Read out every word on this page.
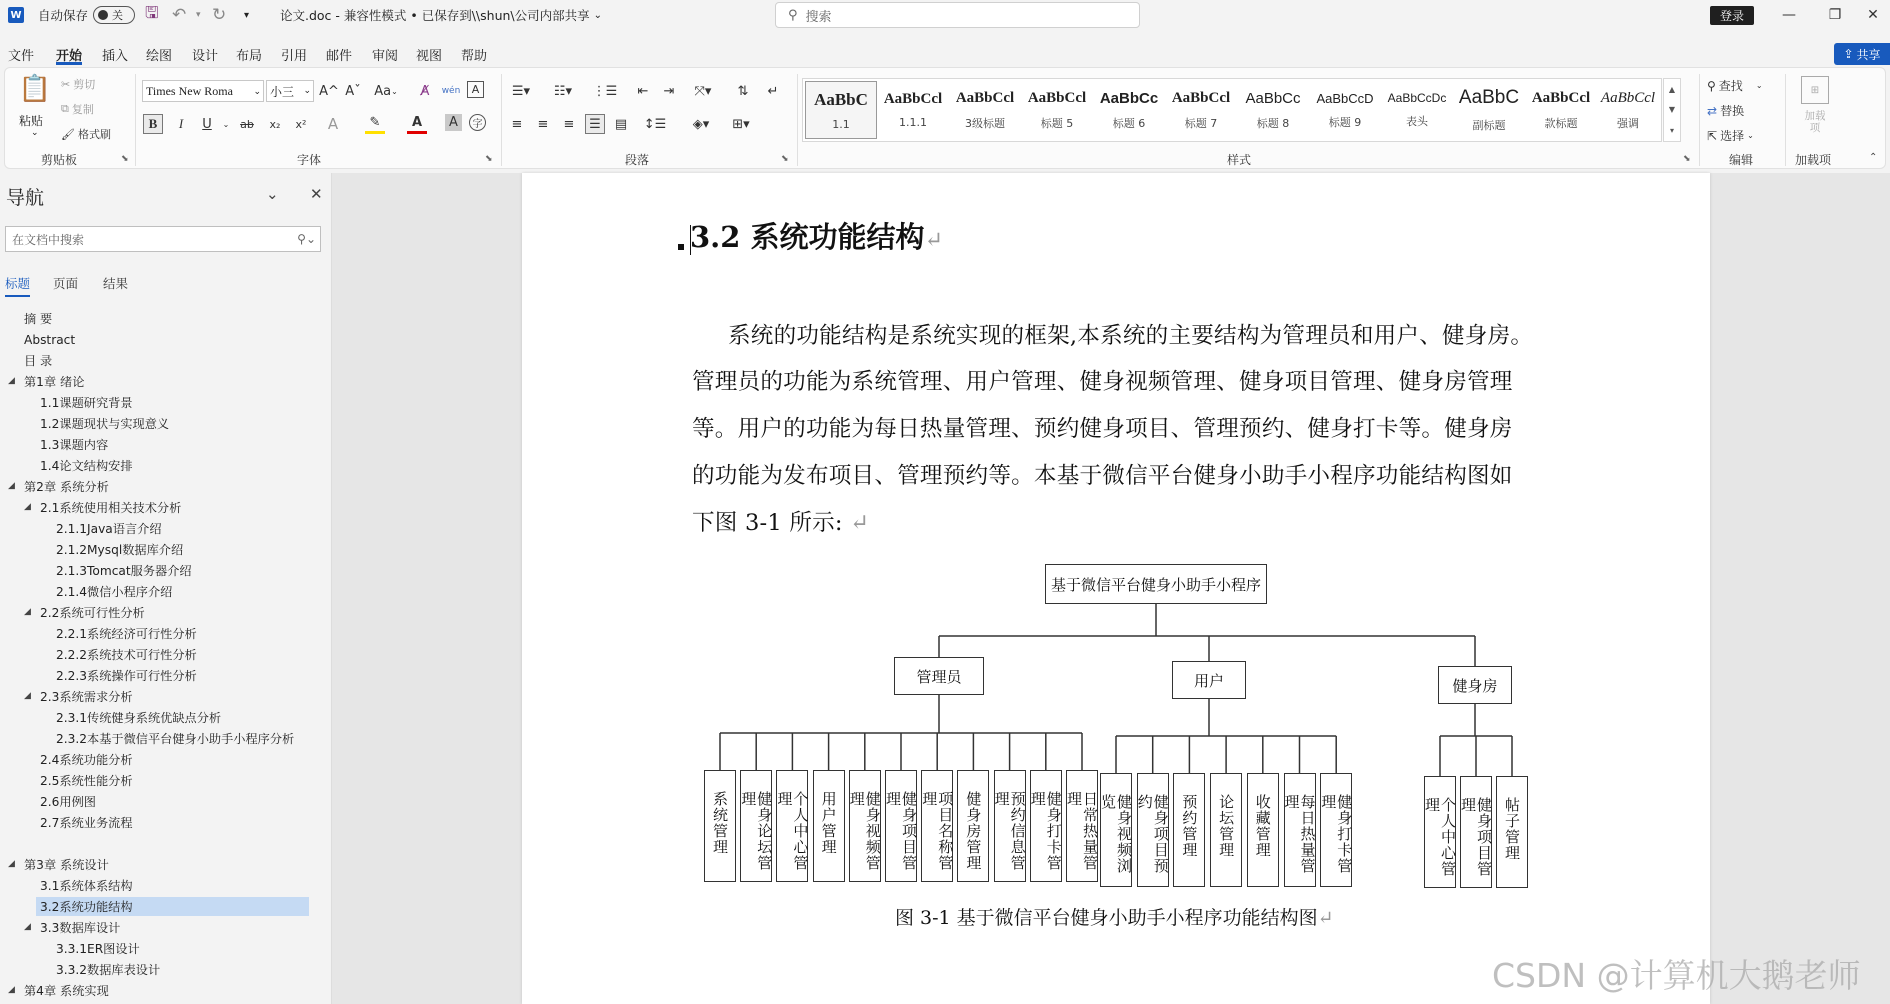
W 自动保存 关 🖫 ↶ ▾ ↻ ▾ 论文.doc - 兼容性模式 • 已保存到\\shun\公司内部共享 ⌄	⚲ 搜索	登录	—	❐	✕
文件 开始 插入 绘图 设计 布局 引用 邮件 审阅 视图 帮助	⇪ 共享
📋
粘贴
⌄
✂ 剪切
⧉ 复制
🖌 格式刷
剪贴板	⬊
Times New Roma ⌄ 小三 ⌄ A^ Aˇ Aa ⌄	A̸	wén	A
B	I	U	⌄ ab	x₂	x²	A	✎	A	A	字
字体	⬊
☰▾	☷▾	⋮☰	⇤	⇥	⤧▾	⇅	↵
≡	≡	≡	☰	▤ ↕☰	◈▾	⊞▾
段落	⬊
AaBbC
1.1
AaBbCcl
1.1.1
AaBbCcl
3级标题
AaBbCcl
标题 5
AaBbCc
标题 6
AaBbCcl
标题 7
AaBbCc
标题 8
AaBbCcD
标题 9
AaBbCcDc
表头
AaBbC
副标题
AaBbCcl
款标题
AaBbCcl
强调
▲
▼
▾
样式	⬊
⚲ 查找 ⌄
⇄ 替换
⇱ 选择 ⌄
编辑
⊞
加载项
加载项	⌃
导航	⌄ ✕
在文档中搜索	⚲⌄
标题 页面 结果
摘 要
Abstract
目 录
◢ 第1章 绪论
1.1课题研究背景
1.2课题现状与实现意义
1.3课题内容
1.4论文结构安排
◢ 第2章 系统分析
◢ 2.1系统使用相关技术分析
2.1.1Java语言介绍
2.1.2Mysql数据库介绍
2.1.3Tomcat服务器介绍
2.1.4微信小程序介绍
◢ 2.2系统可行性分析
2.2.1系统经济可行性分析
2.2.2系统技术可行性分析
2.2.3系统操作可行性分析
◢ 2.3系统需求分析
2.3.1传统健身系统优缺点分析
2.3.2本基于微信平台健身小助手小程序分析
2.4系统功能分析
2.5系统性能分析
2.6用例图
2.7系统业务流程
◢ 第3章 系统设计
3.1系统体系结构
3.2系统功能结构
◢ 3.3数据库设计
3.3.1ER图设计
3.3.2数据库表设计
◢ 第4章 系统实现
3.2 系统功能结构↵
系统的功能结构是系统实现的框架,本系统的主要结构为管理员和用户、健身房。
管理员的功能为系统管理、用户管理、健身视频管理、健身项目管理、健身房管理
等。用户的功能为每日热量管理、预约健身项目、管理预约、健身打卡等。健身房
的功能为发布项目、管理预约等。本基于微信平台健身小助手小程序功能结构图如
下图 3-1 所示: ↵
基于微信平台健身小助手小程序
管理员
系统管理	健身论坛管理	个人中心管理	用户管理	健身视频管理	健身项目管理	项目名称管理	健身房管理	预约信息管理	健身打卡管理	日常热量管理
用户
健身视频浏览	健身项目预约	预约管理 论坛管理 收藏管理	每日热量管理	健身打卡管理
健身房
个人中心管理	健身项目管理	帖子管理
图 3-1 基于微信平台健身小助手小程序功能结构图↵
CSDN @计算机大鹅老师
